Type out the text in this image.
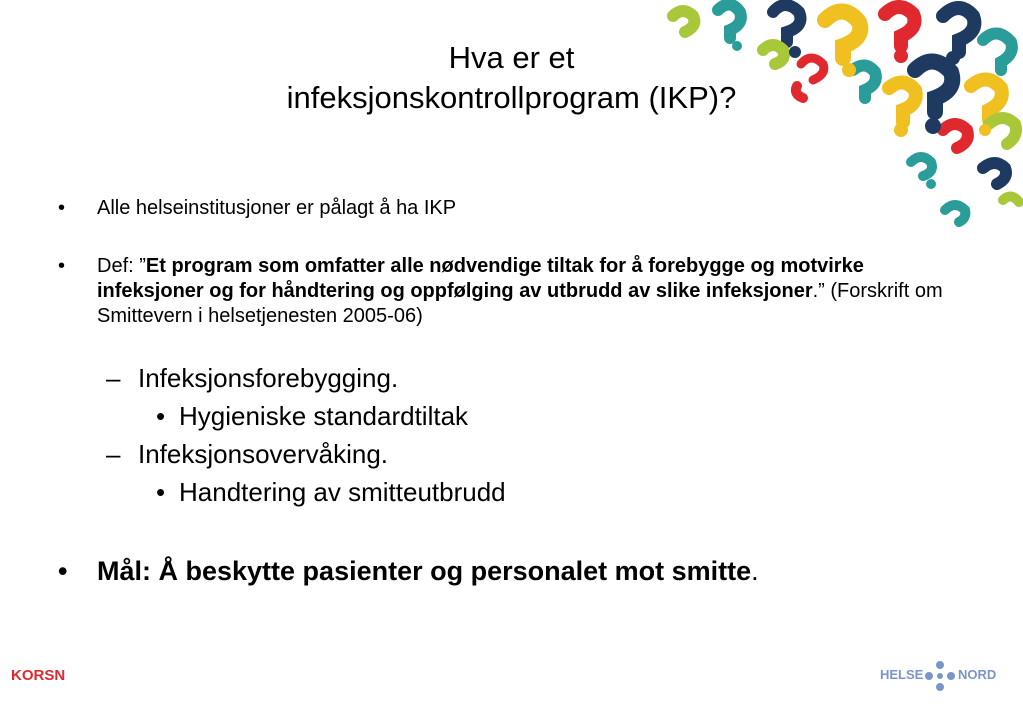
Hva er et
infeksjonskontrollprogram (IKP)?
• Alle helseinstitusjoner er pålagt å ha IKP
• Def: ”Et program som omfatter alle nødvendige tiltak for å forebygge og motvirke infeksjoner og for håndtering og oppfølging av utbrudd av slike infeksjoner.” (Forskrift om Smittevern i helsetjenesten 2005-06)
– Infeksjonsforebygging.
• Hygieniske standardtiltak
– Infeksjonsovervåking.
• Handtering av smitteutbrudd
• Mål: Å beskytte pasienter og personalet mot smitte.
KORSN	HELSE	NORD
